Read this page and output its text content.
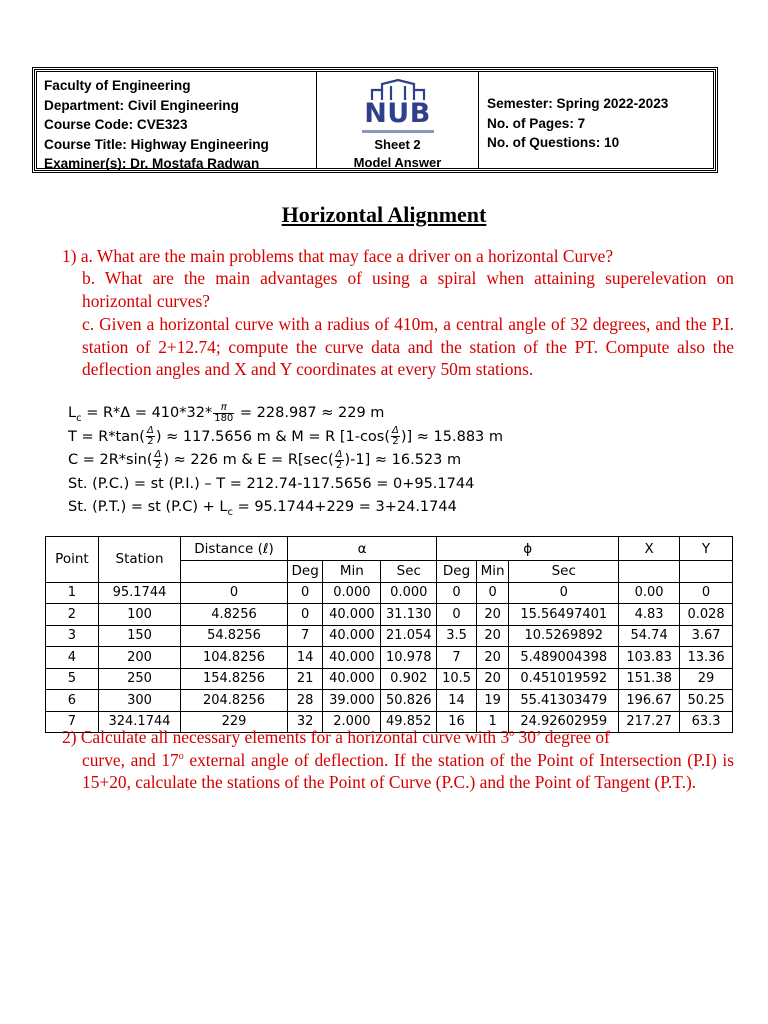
Faculty of Engineering
Department: Civil Engineering
Course Code: CVE323
Course Title: Highway Engineering
Examiner(s): Dr. Mostafa Radwan
NUB
Sheet 2
Model Answer
Semester: Spring 2022-2023
No. of Pages: 7
No. of Questions: 10
Horizontal Alignment
1) a. What are the main problems that may face a driver on a horizontal Curve?
b. What are the main advantages of using a spiral when attaining superelevation on horizontal curves?
c. Given a horizontal curve with a radius of 410m, a central angle of 32 degrees, and the P.I. station of 2+12.74; compute the curve data and the station of the PT. Compute also the deflection angles and X and Y coordinates at every 50m stations.
$L_c = R*\Delta = 410*32* \frac{\pi}{180} = 228.987 \approx 229$ m
$T = R*\tan( \frac{\Delta}{2}$ ) ≈ 117.5656 m & M = R [$1-\cos( \frac{\Delta}{2}$ )] ≈ 15.883 m
$C = 2R*\sin( \frac{\Delta}{2}$ ) ≈ 226 m & $E = R[\sec( \frac{\Delta}{2} )-1] \approx 16.523$ m
St. (P.C.) = st (P.I.) – T = 212.74-117.5656 = 0+95.1744
St. (P.T.) = st $(P.C) + L_c = 95.1744+229 = 3+24.1744$
Point	Station	Distance (ℓ)	α			ϕ			X	Y
			Deg	Min	Sec	Deg	Min	Sec		
1	95.1744	0	0	0.000	0.000	0	0	0	0.00	0
2	100	4.8256	0	40.000	31.130	0	20	15.56497401	4.83	0.028
3	150	54.8256	7	40.000	21.054	3.5	20	10.5269892	54.74	3.67
4	200	104.8256	14	40.000	10.978	7	20	5.489004398	103.83	13.36
5	250	154.8256	21	40.000	0.902	10.5	20	0.451019592	151.38	29
6	300	204.8256	28	39.000	50.826	14	19	55.41303479	196.67	50.25
7	324.1744	229	32	2.000	49.852	16	1	24.92602959	217.27	63.3
2) Calculate all necessary elements for a horizontal curve with 3$^o$ 30’ degree of
curve, and 17$^o$ external angle of deflection. If the station of the Point of Intersection (P.I) is 15+20, calculate the stations of the Point of Curve (P.C.) and the Point of Tangent (P.T.).
